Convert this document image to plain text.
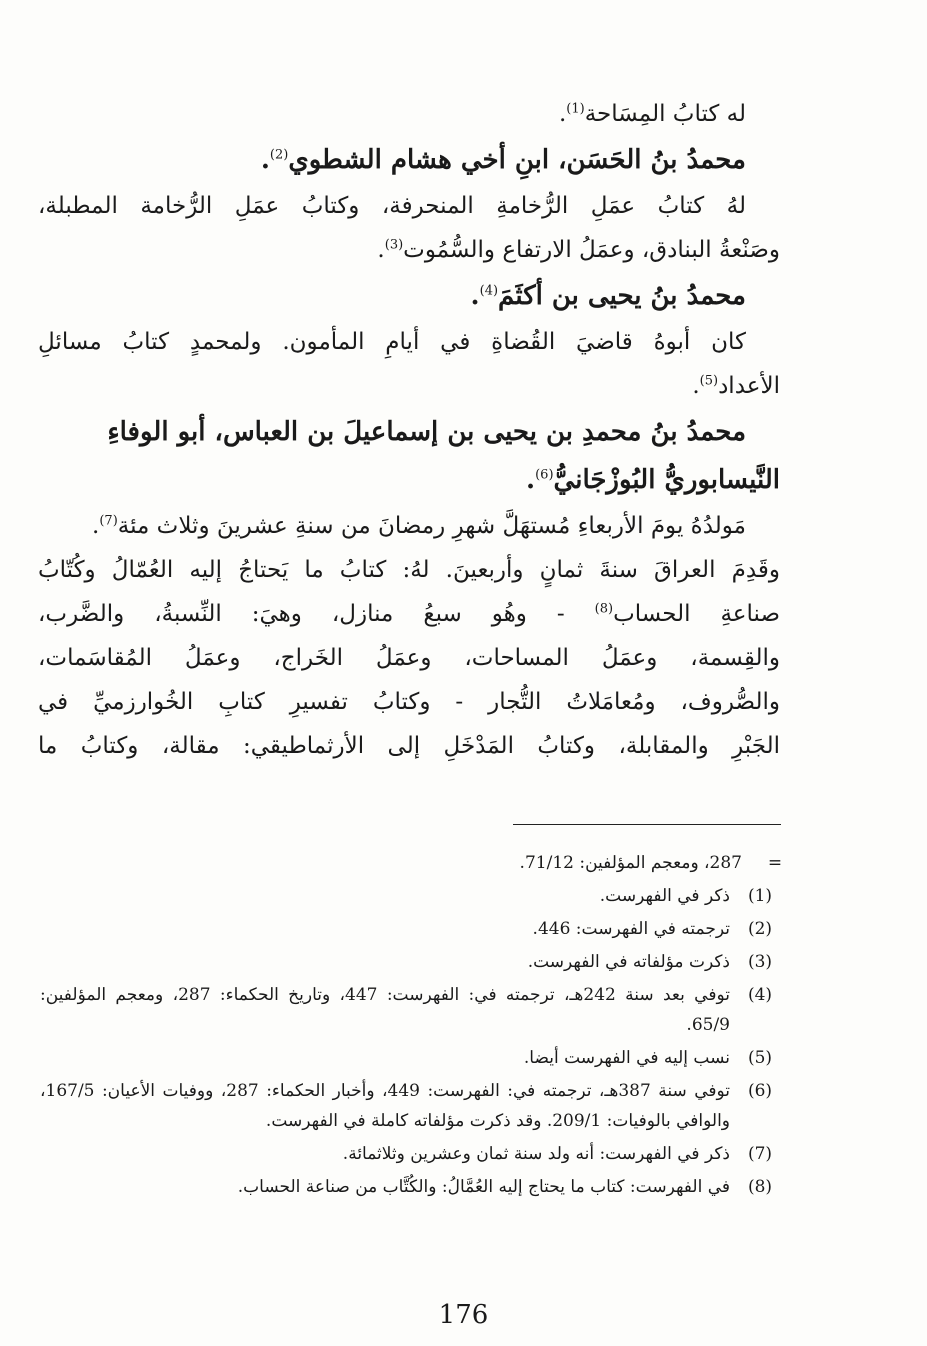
له كتابُ المِسَاحة$^{(1)}$.
محمدُ بنُ الحَسَن، ابنِ أخي هشام الشطوي$^{(2)}$.
لهُ كتابُ عمَلِ الرُّخامةِ المنحرفة، وكتابُ عمَلِ الرُّخامة المطبلة،
وصَنْعةُ البنادق، وعمَلُ الارتفاع والسُّمُوت$^{(3)}$.
محمدُ بنُ يحيى بن أكثَمَ$^{(4)}$.
كان أبوهُ قاضيَ القُضاةِ في أيامِ المأمون. ولمحمدٍ كتابُ مسائلِ
الأعداد$^{(5)}$.
محمدُ بنُ محمدِ بن يحيى بن إسماعيلَ بن العباس، أبو الوفاءِ
النَّيسابوريُّ البُوزْجَانيُّ$^{(6)}$.
مَولدُهُ يومَ الأربعاءِ مُستهَلَّ شهرِ رمضانَ من سنةِ عشرينَ وثلاث مئة$^{(7)}$.
وقَدِمَ العراقَ سنةَ ثمانٍ وأربعينَ. لهُ: كتابُ ما يَحتاجُ إليه العُمّالُ وكُتّابُ
صناعةِ الحساب$^{(8)}$ - وهُو سبعُ منازل، وهيَ: النِّسبةُ، والضَّرب،
والقِسمة، وعمَلُ المساحات، وعمَلُ الخَراج، وعمَلُ المُقاسَمات،
والصُّروف، ومُعامَلاتُ التُّجار - وكتابُ تفسيرِ كتابِ الخُوارزميِّ في
الجَبْرِ والمقابلة، وكتابُ المَدْخَلِ إلى الأرثماطيقي: مقالة، وكتابُ ما
=
287، ومعجم المؤلفين: 71/12.
(1)
ذكر في الفهرست.
(2)
ترجمته في الفهرست: 446.
(3)
ذكرت مؤلفاته في الفهرست.
(4)
توفي بعد سنة 242هـ، ترجمته في: الفهرست: 447، وتاريخ الحكماء: 287، ومعجم المؤلفين: 65/9.
(5)
نسب إليه في الفهرست أيضا.
(6)
توفي سنة 387هـ، ترجمته في: الفهرست: 449، وأخبار الحكماء: 287، ووفيات الأعيان: 167/5، والوافي بالوفيات: 209/1. وقد ذكرت مؤلفاته كاملة في الفهرست.
(7)
ذكر في الفهرست: أنه ولد سنة ثمان وعشرين وثلاثمائة.
(8)
في الفهرست: كتاب ما يحتاج إليه العُمَّالُ: والكُتَّاب من صناعة الحساب.
176
